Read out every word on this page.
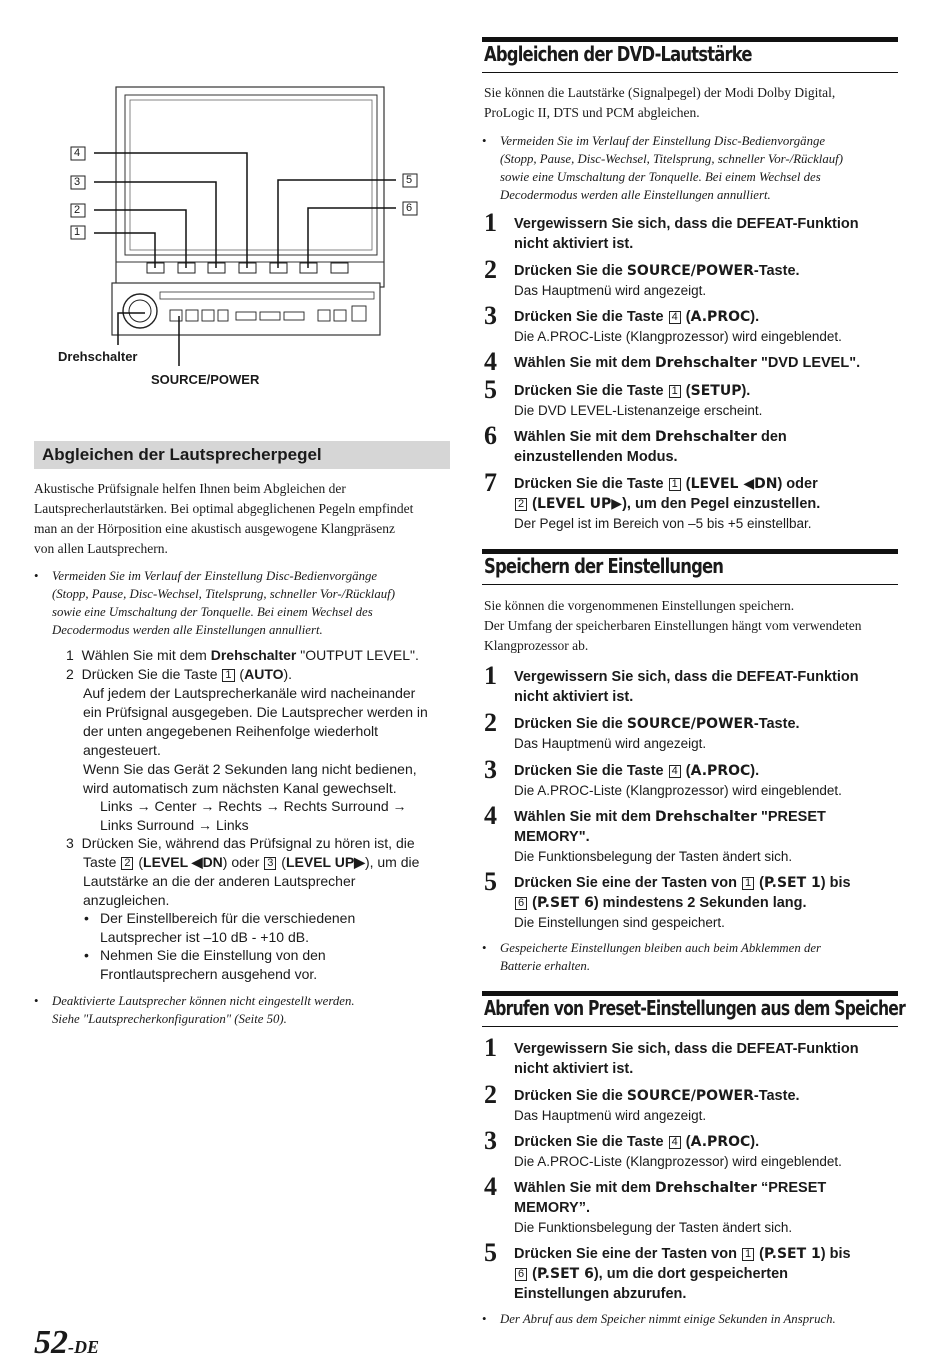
4
3
2
1
5
6
Drehschalter
SOURCE/POWER
Abgleichen der Lautsprecherpegel
Akustische Prüfsignale helfen Ihnen beim Abgleichen der
Lautsprecherlautstärken. Bei optimal abgeglichenen Pegeln empfindet
man an der Hörposition eine akustisch ausgewogene Klangpräsenz
von allen Lautsprechern.
• Vermeiden Sie im Verlauf der Einstellung Disc-Bedienvorgänge
(Stopp, Pause, Disc-Wechsel, Titelsprung, schneller Vor-/Rücklauf)
sowie eine Umschaltung der Tonquelle. Bei einem Wechsel des
Decodermodus werden alle Einstellungen annulliert.
1 Wählen Sie mit dem Drehschalter "OUTPUT LEVEL".
2 Drücken Sie die Taste 1 (AUTO).
Auf jedem der Lautsprecherkanäle wird nacheinander
ein Prüfsignal ausgegeben. Die Lautsprecher werden in
der unten angegebenen Reihenfolge wiederholt
angesteuert.
Wenn Sie das Gerät 2 Sekunden lang nicht bedienen,
wird automatisch zum nächsten Kanal gewechselt.
Links → Center → Rechts → Rechts Surround →
Links Surround → Links
3 Drücken Sie, während das Prüfsignal zu hören ist, die
Taste 2 (LEVEL ◀DN) oder 3 (LEVEL UP▶), um die
Lautstärke an die der anderen Lautsprecher
anzugleichen.
• Der Einstellbereich für die verschiedenen
Lautsprecher ist –10 dB - +10 dB.
• Nehmen Sie die Einstellung von den
Frontlautsprechern ausgehend vor.
• Deaktivierte Lautsprecher können nicht eingestellt werden.
Siehe "Lautsprecherkonfiguration" (Seite 50).
Abgleichen der DVD-Lautstärke
Sie können die Lautstärke (Signalpegel) der Modi Dolby Digital,
ProLogic II, DTS und PCM abgleichen.
• Vermeiden Sie im Verlauf der Einstellung Disc-Bedienvorgänge
(Stopp, Pause, Disc-Wechsel, Titelsprung, schneller Vor-/Rücklauf)
sowie eine Umschaltung der Tonquelle. Bei einem Wechsel des
Decodermodus werden alle Einstellungen annulliert.
1 Vergewissern Sie sich, dass die DEFEAT-Funktion
nicht aktiviert ist.
2 Drücken Sie die SOURCE/POWER-Taste.
Das Hauptmenü wird angezeigt.
3 Drücken Sie die Taste 4 (A.PROC).
Die A.PROC-Liste (Klangprozessor) wird eingeblendet.
4 Wählen Sie mit dem Drehschalter "DVD LEVEL".
5 Drücken Sie die Taste 1 (SETUP).
Die DVD LEVEL-Listenanzeige erscheint.
6 Wählen Sie mit dem Drehschalter den
einzustellenden Modus.
7 Drücken Sie die Taste 1 (LEVEL ◀DN) oder
2 (LEVEL UP▶), um den Pegel einzustellen.
Der Pegel ist im Bereich von –5 bis +5 einstellbar.
Speichern der Einstellungen
Sie können die vorgenommenen Einstellungen speichern.
Der Umfang der speicherbaren Einstellungen hängt vom verwendeten
Klangprozessor ab.
1 Vergewissern Sie sich, dass die DEFEAT-Funktion
nicht aktiviert ist.
2 Drücken Sie die SOURCE/POWER-Taste.
Das Hauptmenü wird angezeigt.
3 Drücken Sie die Taste 4 (A.PROC).
Die A.PROC-Liste (Klangprozessor) wird eingeblendet.
4 Wählen Sie mit dem Drehschalter "PRESET
MEMORY".
Die Funktionsbelegung der Tasten ändert sich.
5 Drücken Sie eine der Tasten von 1 (P.SET 1) bis
6 (P.SET 6) mindestens 2 Sekunden lang.
Die Einstellungen sind gespeichert.
• Gespeicherte Einstellungen bleiben auch beim Abklemmen der
Batterie erhalten.
Abrufen von Preset-Einstellungen aus dem Speicher
1 Vergewissern Sie sich, dass die DEFEAT-Funktion
nicht aktiviert ist.
2 Drücken Sie die SOURCE/POWER-Taste.
Das Hauptmenü wird angezeigt.
3 Drücken Sie die Taste 4 (A.PROC).
Die A.PROC-Liste (Klangprozessor) wird eingeblendet.
4 Wählen Sie mit dem Drehschalter “PRESET
MEMORY”.
Die Funktionsbelegung der Tasten ändert sich.
5 Drücken Sie eine der Tasten von 1 (P.SET 1) bis
6 (P.SET 6), um die dort gespeicherten
Einstellungen abzurufen.
• Der Abruf aus dem Speicher nimmt einige Sekunden in Anspruch.
52-DE
